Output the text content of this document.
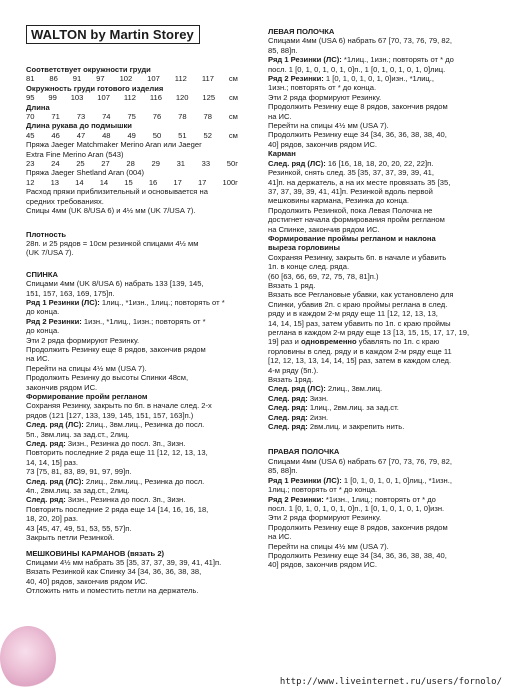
WALTON by Martin Storey
Соответствует окружности груди
81 86 91 97 102 107 112 117 см
Окружность груди готового изделия
95 99 103 107 112 116 120 125 см
Длина
70 71 73 74 75 76 78 78 см
Длина рукава до подмышки
45 46 47 48 49 50 51 52 см
Пряжа Jaeger Matchmaker Merino Aran или Jaeger
Extra Fine Merino Aran (543)
23 24 25 27 28 29 31 33 50г
Пряжа Jaeger Shetland Aran (004)
12 13 14 14 15 16 17 17 100г
Расход пряжи приблизительный и основывается на
средних требованиях.
Спицы 4мм (UK 8/USA 6) и 4½ мм (UK 7/USA 7).
Плотность
28п. и 25 рядов = 10см резинкой спицами 4½ мм
(UK 7/USA 7).
СПИНКА
Спицами 4мм (UK 8/USA 6) набрать 133 [139, 145,
151, 157, 163, 169, 175]п.
Ряд 1 Резинки (ЛС): 1лиц., *1изн., 1лиц.; повторять от *
до конца.
Ряд 2 Резинки: 1изн., *1лиц., 1изн.; повторять от *
до конца.
Эти 2 ряда формируют Резинку.
Продолжить Резинку еще 8 рядов, закончив рядом
на ИС.
Перейти на спицы 4½ мм (USA 7).
Продолжить Резинку до высоты Спинки 48см,
закончив рядом ИС.
Формирование пройм регланом
Сохраняя Резинку, закрыть по 6п. в начале след. 2-х
рядов (121 [127, 133, 139, 145, 151, 157, 163]п.)
След. ряд (ЛС): 2лиц., 3вм.лиц., Резинка до посл.
5п., 3вм.лиц. за зад.ст., 2лиц.
След. ряд: 3изн., Резинка до посл. 3п., 3изн.
Повторить последние 2 ряда еще 11 [12, 12, 13, 13,
14, 14, 15] раз.
73 [75, 81, 83, 89, 91, 97, 99]п.
След. ряд (ЛС): 2лиц., 2вм.лиц., Резинка до посл.
4п., 2вм.лиц. за зад.ст., 2лиц.
След. ряд: 3изн., Резинка до посл. 3п., 3изн.
Повторить последние 2 ряда еще 14 [14, 16, 16, 18,
18, 20, 20] раз.
43 [45, 47, 49, 51, 53, 55, 57]п.
Закрыть петли Резинкой.
МЕШКОВИНЫ КАРМАНОВ (вязать 2)
Спицами 4½ мм набрать 35 [35, 37, 37, 39, 39, 41, 41]п.
Вязать Резинкой как Спинку 34 [34, 36, 36, 38, 38,
40, 40] рядов, закончив рядом ИС.
Отложить нить и поместить петли на держатель.
ЛЕВАЯ ПОЛОЧКА
Спицами 4мм (USA 6) набрать 67 [70, 73, 76, 79, 82,
85, 88]п.
Ряд 1 Резинки (ЛС): *1лиц., 1изн.; повторять от * до
посл. 1 [0, 1, 0, 1, 0, 1, 0]п., 1 [0, 1, 0, 1, 0, 1, 0]лиц.
Ряд 2 Резинки: 1 [0, 1, 0, 1, 0, 1, 0]изн., *1лиц.,
1изн.; повторять от * до конца.
Эти 2 ряда формируют Резинку.
Продолжить Резинку еще 8 рядов, закончив рядом
на ИС.
Перейти на спицы 4½ мм (USA 7).
Продолжить Резинку еще 34 [34, 36, 36, 38, 38, 40,
40] рядов, закончив рядом ИС.
Карман
След. ряд (ЛС): 16 [16, 18, 18, 20, 20, 22, 22]п.
Резинкой, снять след. 35 [35, 37, 37, 39, 39, 41,
41]п. на держатель, а на их месте провязать 35 [35,
37, 37, 39, 39, 41, 41]п. Резинкой вдоль первой
мешковины кармана, Резинка до конца.
Продолжить Резинкой, пока Левая Полочка не
достигнет начала формирования пройм регланом
на Спинке, закончив рядом ИС.
Формирование проймы регланом и наклона
выреза горловины
Сохраняя Резинку, закрыть 6п. в начале и убавить
1п. в конце след. ряда.
(60 [63, 66, 69, 72, 75, 78, 81]п.)
Вязать 1 ряд.
Вязать все Реглановые убавки, как установлено для
Спинки, убавив 2п. с краю проймы реглана в след.
ряду и в каждом 2-м ряду еще 11 [12, 12, 13, 13,
14, 14, 15] раз, затем убавить по 1п. с краю проймы
реглана в каждом 2-м ряду еще 13 [13, 15, 15, 17, 17, 19,
19] раз и одновременно убавлять по 1п. с краю
горловины в след. ряду и в каждом 2-м ряду еще 11
[12, 12, 13, 13, 14, 14, 15] раз, затем в каждом след.
4-м ряду (5п.).
Вязать 1ряд.
След. ряд (ЛС): 2лиц., 3вм.лиц.
След. ряд: 3изн.
След. ряд: 1лиц., 2вм.лиц. за зад.ст.
След. ряд: 2изн.
След. ряд: 2вм.лиц. и закрепить нить.
ПРАВАЯ ПОЛОЧКА
Спицами 4мм (USA 6) набрать 67 [70, 73, 76, 79, 82,
85, 88]п.
Ряд 1 Резинки (ЛС): 1 [0, 1, 0, 1, 0, 1, 0]лиц., *1изн.,
1лиц.; повторять от * до конца.
Ряд 2 Резинки: *1изн., 1лиц.; повторять от * до
посл. 1 [0, 1, 0, 1, 0, 1, 0]п., 1 [0, 1, 0, 1, 0, 1, 0]изн.
Эти 2 ряда формируют Резинку.
Продолжить Резинку еще 8 рядов, закончив рядом
на ИС.
Перейти на спицы 4½ мм (USA 7).
Продолжить Резинку еще 34 [34, 36, 36, 38, 38, 40,
40] рядов, закончив рядом ИС.
http://www.liveinternet.ru/users/fornolo/
